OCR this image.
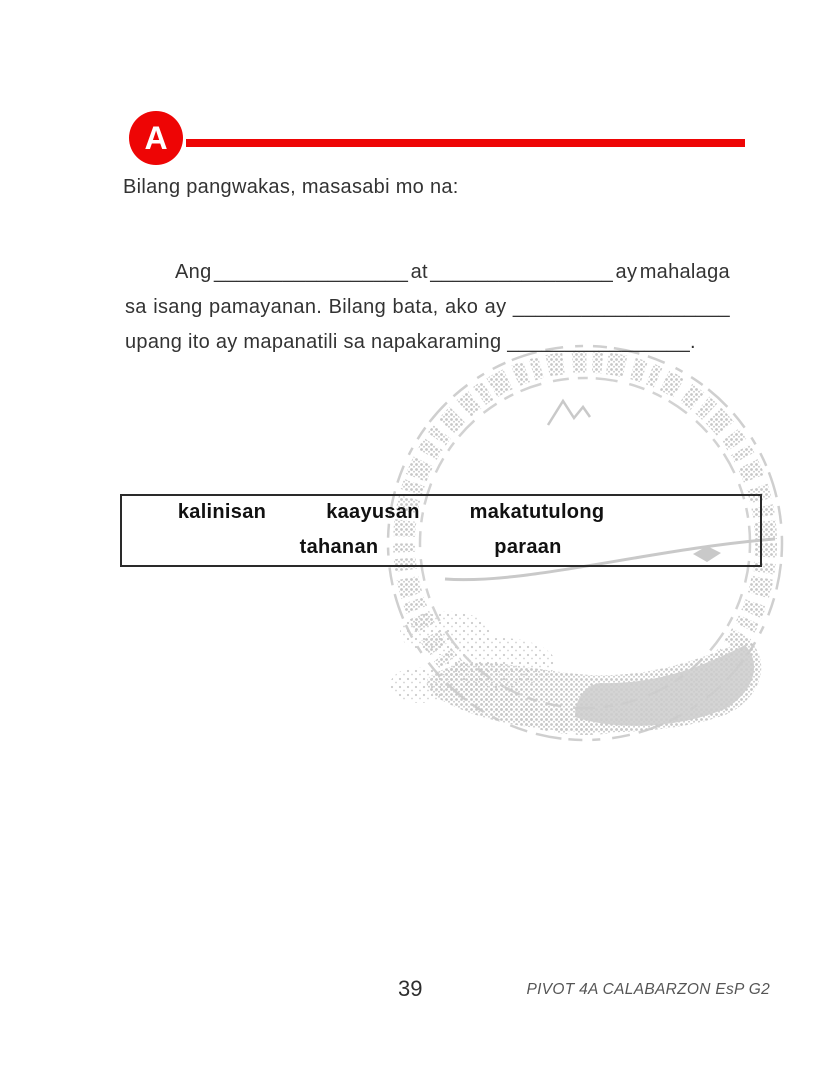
A
Bilang pangwakas, masasabi mo na:
Ang _________________ at ________________ ay mahalaga
sa isang pamayanan. Bilang bata, ako ay ___________________
upang ito ay mapanatili sa napakaraming ________________.
kalinisan	kaayusan makatutulong
tahanan	paraan
39	PIVOT 4A CALABARZON EsP G2
